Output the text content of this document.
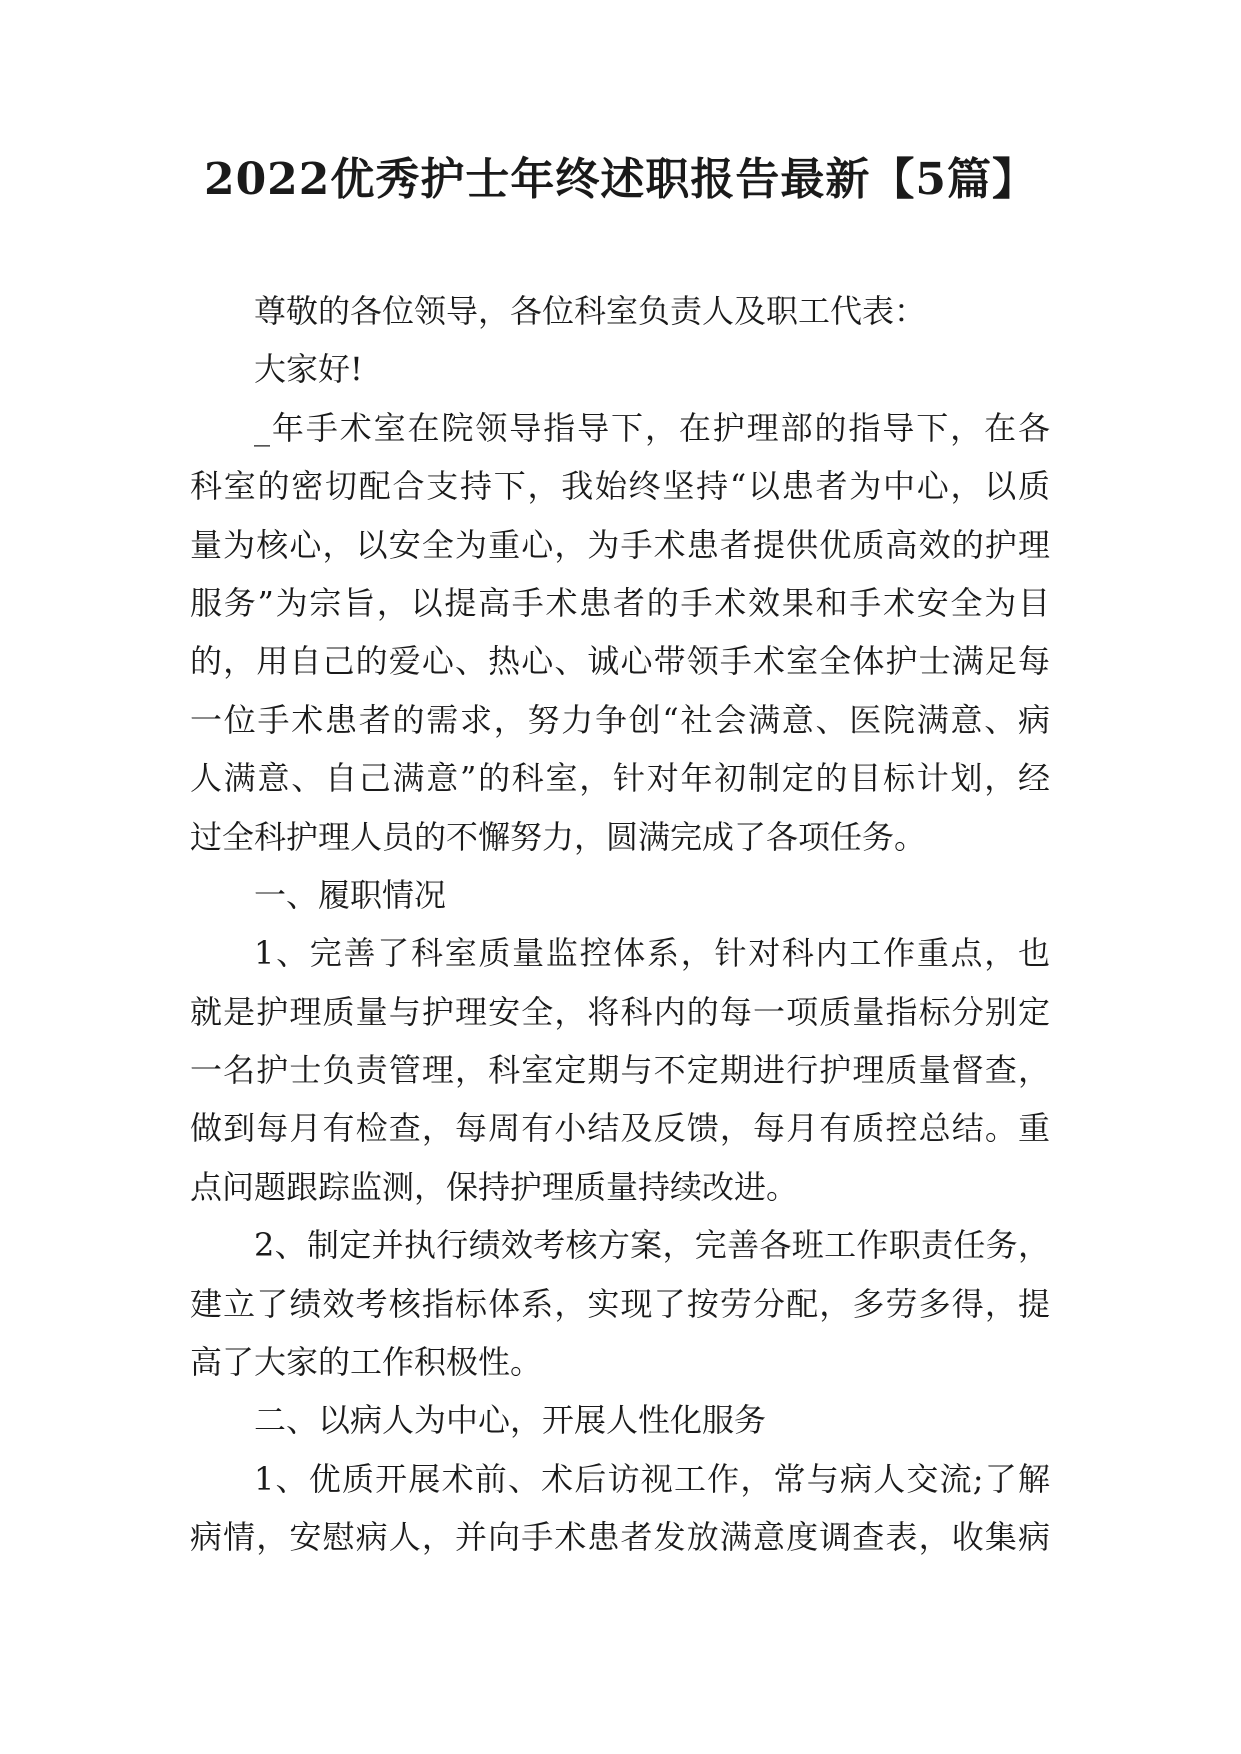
2022优秀护士年终述职报告最新【5篇】
尊敬的各位领导，各位科室负责人及职工代表：
大家好!
_年手术室在院领导指导下，在护理部的指导下，在各
科室的密切配合支持下，我始终坚持“以患者为中心，以质
量为核心，以安全为重心，为手术患者提供优质高效的护理
服务”为宗旨，以提高手术患者的手术效果和手术安全为目
的，用自己的爱心、热心、诚心带领手术室全体护士满足每
一位手术患者的需求，努力争创“社会满意、医院满意、病
人满意、自己满意”的科室，针对年初制定的目标计划，经
过全科护理人员的不懈努力，圆满完成了各项任务。
一、履职情况
1、完善了科室质量监控体系，针对科内工作重点，也
就是护理质量与护理安全，将科内的每一项质量指标分别定
一名护士负责管理，科室定期与不定期进行护理质量督查，
做到每月有检查，每周有小结及反馈，每月有质控总结。重
点问题跟踪监测，保持护理质量持续改进。
2、制定并执行绩效考核方案，完善各班工作职责任务，
建立了绩效考核指标体系，实现了按劳分配，多劳多得，提
高了大家的工作积极性。
二、以病人为中心，开展人性化服务
1、优质开展术前、术后访视工作，常与病人交流;了解
病情，安慰病人，并向手术患者发放满意度调查表，收集病
